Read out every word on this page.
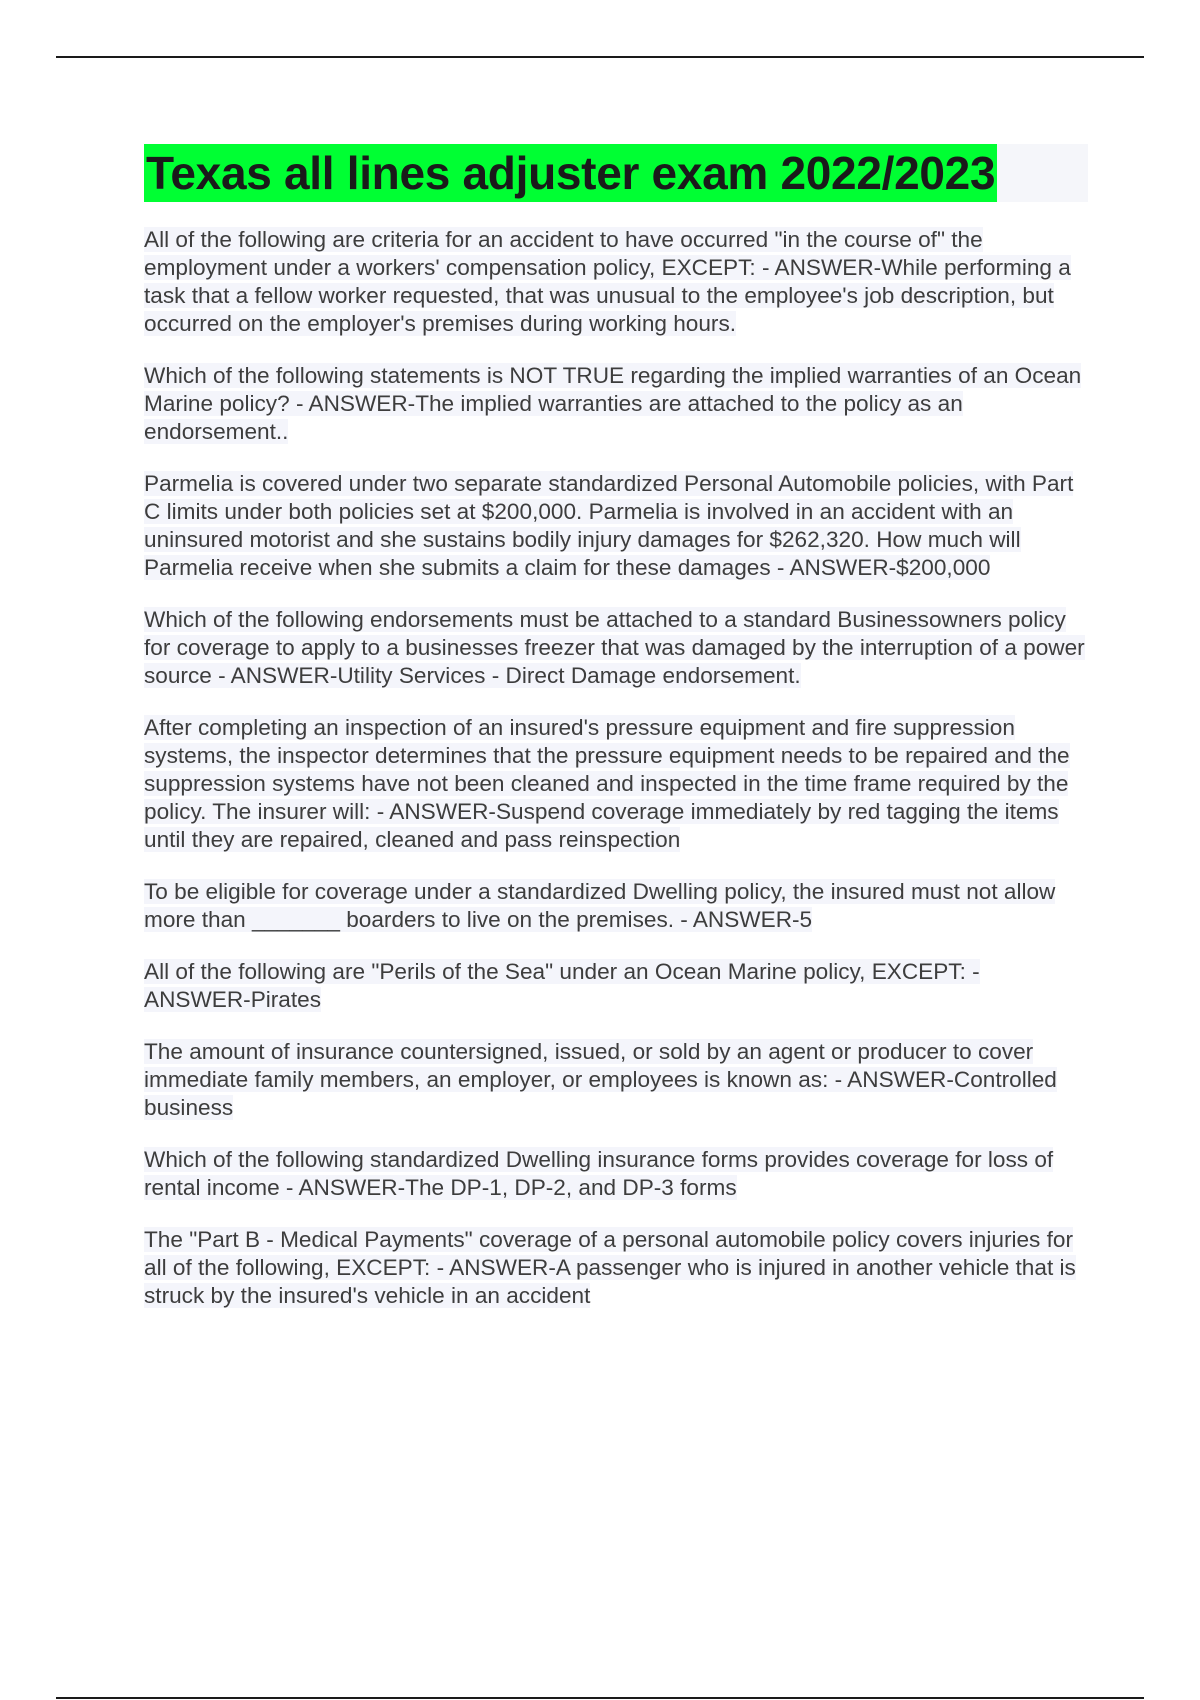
Texas all lines adjuster exam 2022/2023

All of the following are criteria for an accident to have occurred "in the course of" the employment under a workers' compensation policy, EXCEPT: - ANSWER-While performing a task that a fellow worker requested, that was unusual to the employee's job description, but occurred on the employer's premises during working hours.

Which of the following statements is NOT TRUE regarding the implied warranties of an Ocean Marine policy? - ANSWER-The implied warranties are attached to the policy as an endorsement..

Parmelia is covered under two separate standardized Personal Automobile policies, with Part C limits under both policies set at $200,000. Parmelia is involved in an accident with an uninsured motorist and she sustains bodily injury damages for $262,320. How much will Parmelia receive when she submits a claim for these damages - ANSWER-$200,000

Which of the following endorsements must be attached to a standard Businessowners policy for coverage to apply to a businesses freezer that was damaged by the interruption of a power source - ANSWER-Utility Services - Direct Damage endorsement.

After completing an inspection of an insured's pressure equipment and fire suppression systems, the inspector determines that the pressure equipment needs to be repaired and the suppression systems have not been cleaned and inspected in the time frame required by the policy. The insurer will: - ANSWER-Suspend coverage immediately by red tagging the items until they are repaired, cleaned and pass reinspection

To be eligible for coverage under a standardized Dwelling policy, the insured must not allow more than _______ boarders to live on the premises. - ANSWER-5

All of the following are "Perils of the Sea" under an Ocean Marine policy, EXCEPT: - ANSWER-Pirates

The amount of insurance countersigned, issued, or sold by an agent or producer to cover immediate family members, an employer, or employees is known as: - ANSWER-Controlled business

Which of the following standardized Dwelling insurance forms provides coverage for loss of rental income - ANSWER-The DP-1, DP-2, and DP-3 forms

The "Part B - Medical Payments" coverage of a personal automobile policy covers injuries for all of the following, EXCEPT: - ANSWER-A passenger who is injured in another vehicle that is struck by the insured's vehicle in an accident
